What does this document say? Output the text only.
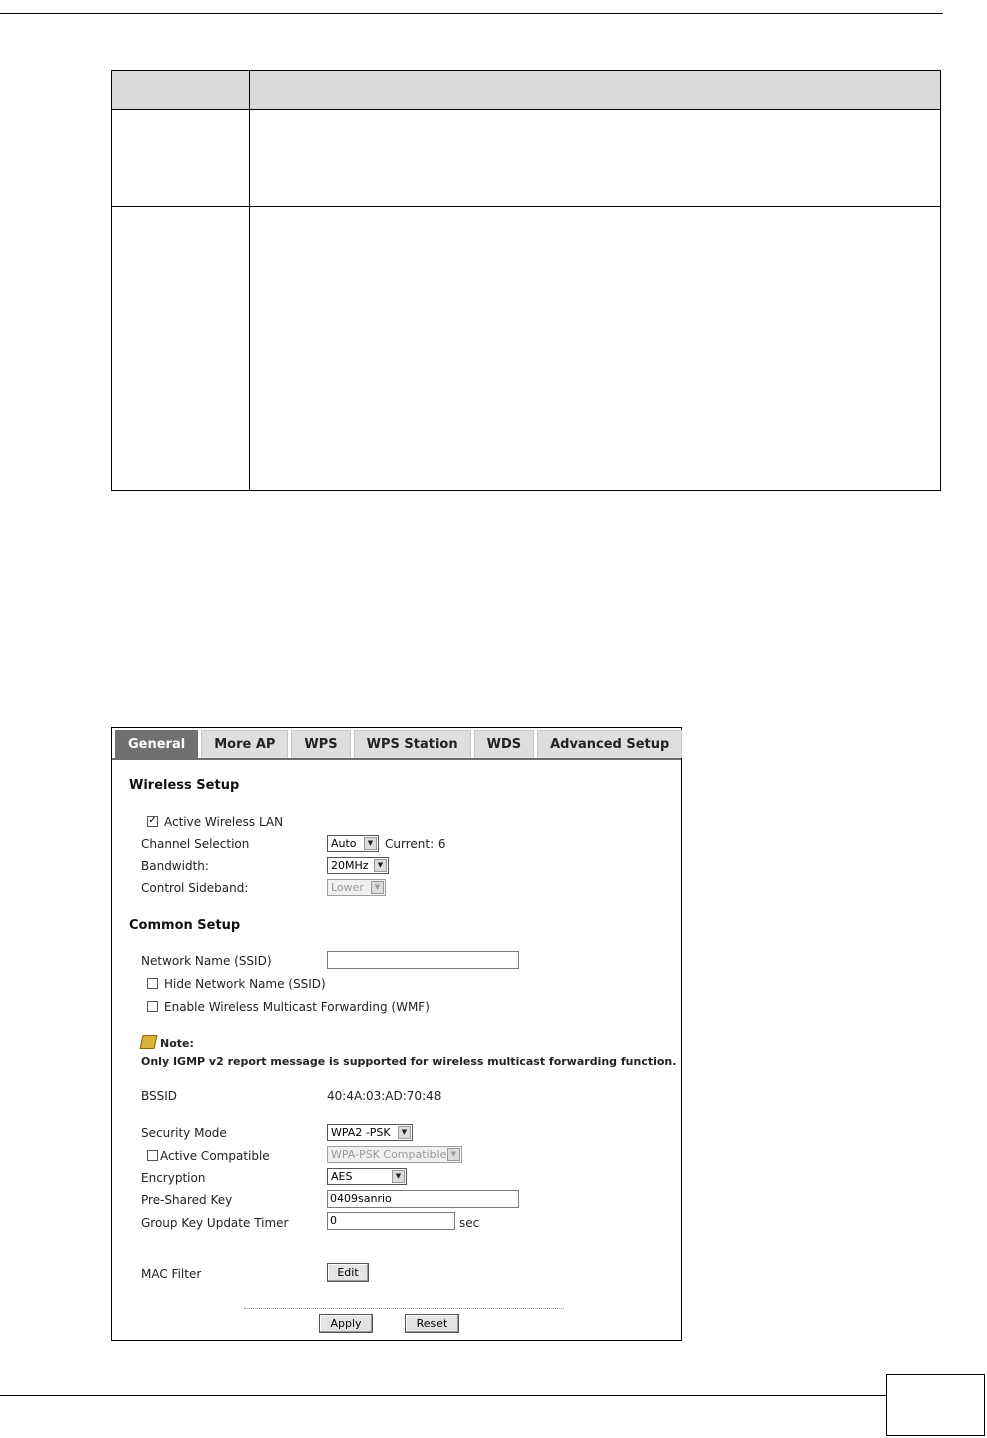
General	More AP	WPS	WPS Station	WDS	Advanced Setup
Wireless Setup
✓Active Wireless LAN
Channel Selection	Auto	▼ Current: 6
Bandwidth:	20MHz	▼
Control Sideband:	Lower	▼
Common Setup
Network Name (SSID)
Hide Network Name (SSID)
Enable Wireless Multicast Forwarding (WMF)
Note:
Only IGMP v2 report message is supported for wireless multicast forwarding function.
BSSID	40:4A:03:AD:70:48
Security Mode	WPA2 -PSK	▼
Active Compatible	WPA-PSK Compatible ▼
Encryption	AES	▼
Pre-Shared Key	0409sanrio
Group Key Update Timer	0	sec
MAC Filter	Edit
Apply	Reset
